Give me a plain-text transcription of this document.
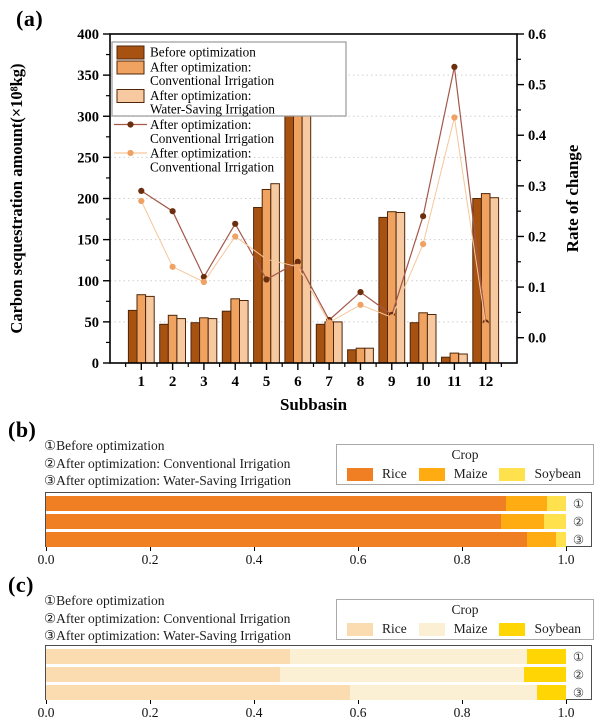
(a)
0
50
100
150
200
250
300
350
400
0.0
0.1
0.2
0.3
0.4
0.5
0.6
1 2 3 4 5 6 7 8 9 10 11 12
Subbasin
Carbon sequestration amount(×10⁸kg)	Rate of change
Before optimization
After optimization:
Conventional Irrigation
After optimization:
Water-Saving Irrigation
After optimization:
Conventional Irrigation
After optimization:
Conventional Irrigation
(b)
①Before optimization
②After optimization: Conventional Irrigation
③After optimization: Water-Saving Irrigation
Crop
Rice	Maize	Soybean
①
②
③
0.0	0.2	0.4	0.6	0.8	1.0
(c)
①Before optimization
②After optimization: Conventional Irrigation
③After optimization: Water-Saving Irrigation
Crop
Rice	Maize	Soybean
①
②
③
0.0	0.2	0.4	0.6	0.8	1.0
